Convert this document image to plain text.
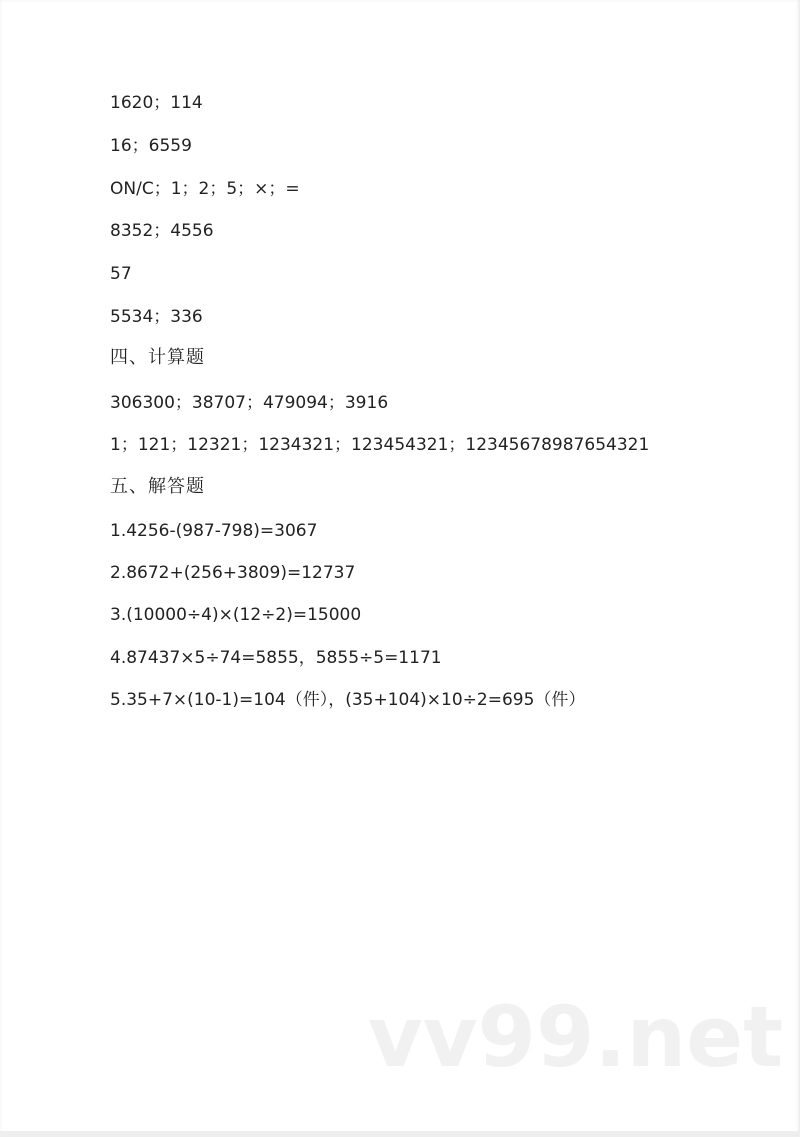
1620；114
16；6559
ON/C；1；2；5；×；=
8352；4556
57
5534；336
四、计算题
306300；38707；479094；3916
1；121；12321；1234321；123454321；12345678987654321
五、解答题
1.4256-(987-798)=3067
2.8672+(256+3809)=12737
3.(10000÷4)×(12÷2)=15000
4.87437×5÷74=5855，5855÷5=1171
5.35+7×(10-1)=104（件），(35+104)×10÷2=695（件）
vv99.net
